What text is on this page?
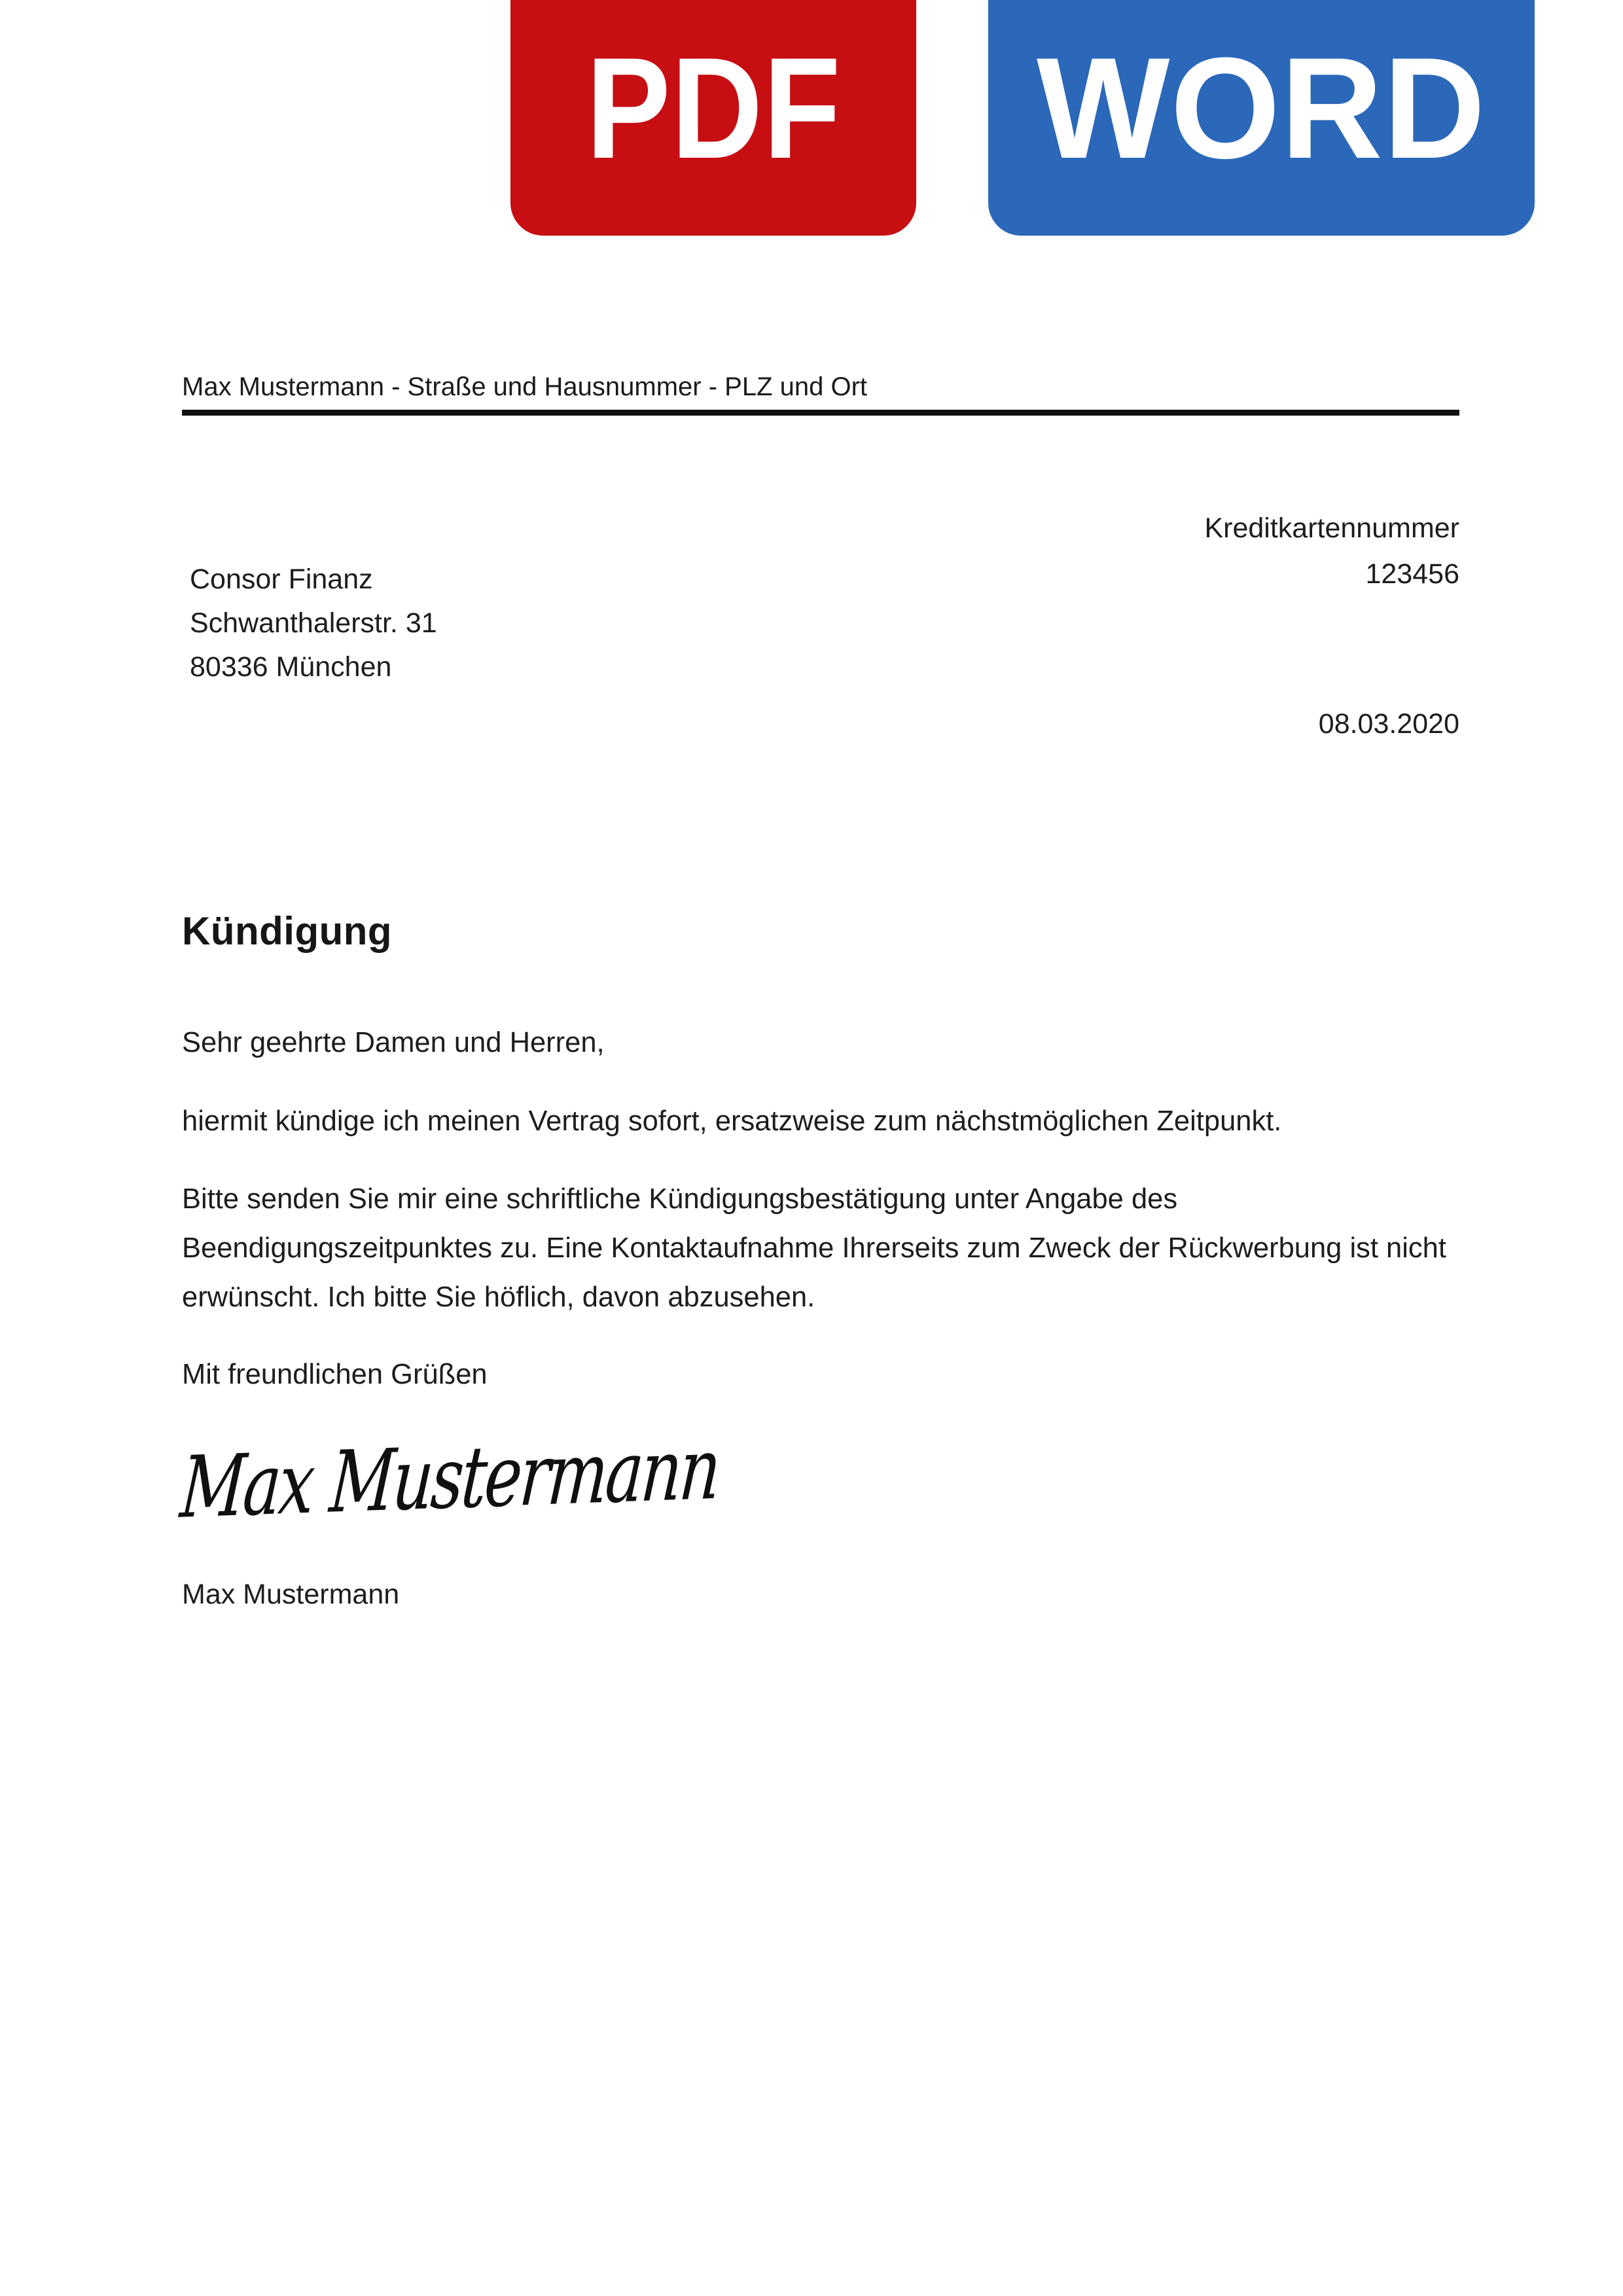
PDF WORD
Max Mustermann - Straße und Hausnummer - PLZ und Ort
Kreditkartennummer
123456
Consor Finanz
Schwanthalerstr. 31
80336 München
08.03.2020
Kündigung
Sehr geehrte Damen und Herren,
hiermit kündige ich meinen Vertrag sofort, ersatzweise zum nächstmöglichen Zeitpunkt.
Bitte senden Sie mir eine schriftliche Kündigungsbestätigung unter Angabe des
Beendigungszeitpunktes zu. Eine Kontaktaufnahme Ihrerseits zum Zweck der Rückwerbung ist nicht
erwünscht. Ich bitte Sie höflich, davon abzusehen.
Mit freundlichen Grüßen
Max Mustermann
Max Mustermann
